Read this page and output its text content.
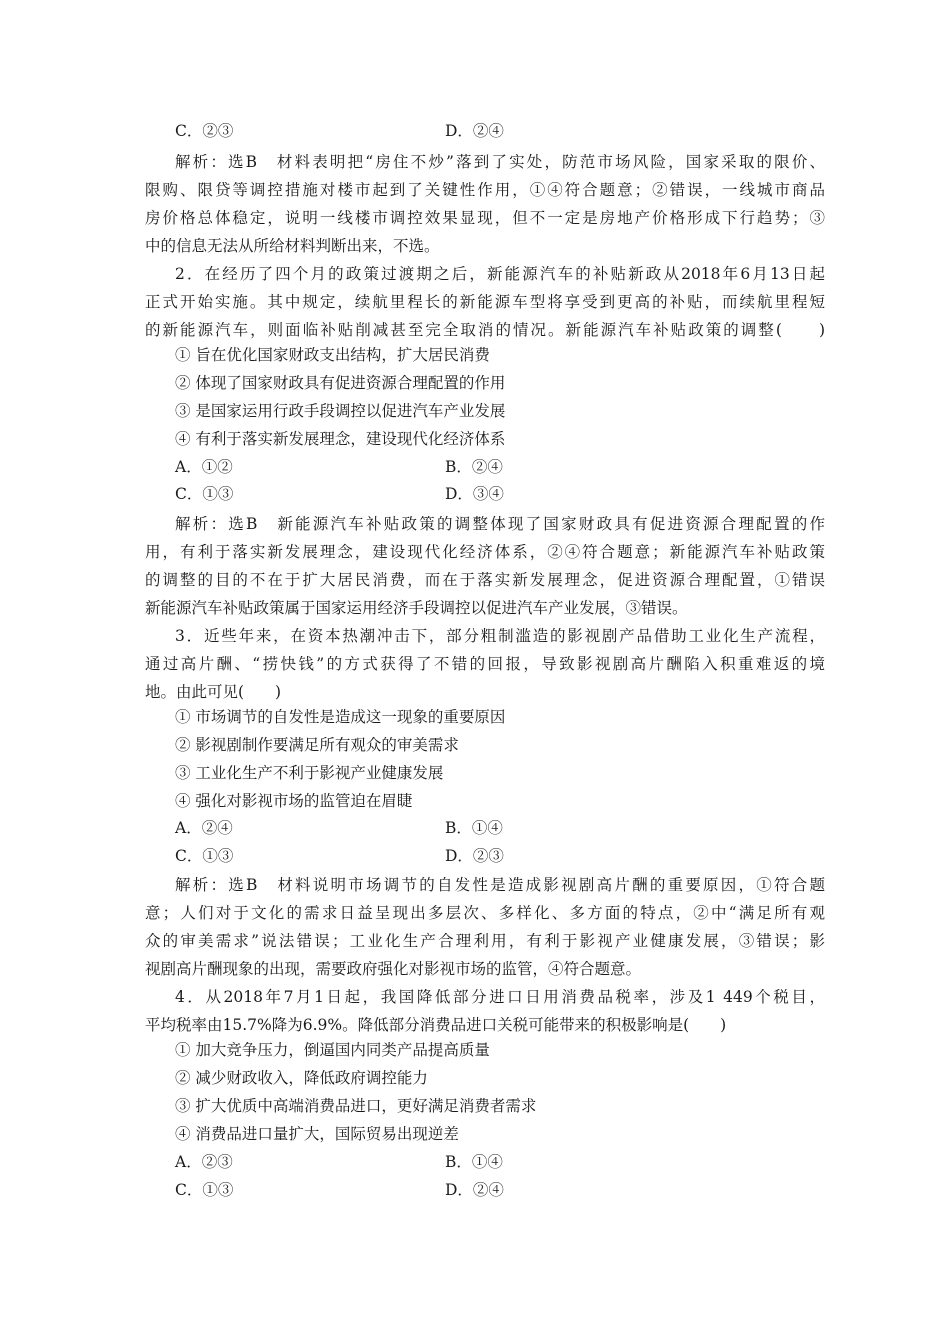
C．②③	D．②④
解析：选B　材料表明把“房住不炒”落到了实处，防范市场风险，国家采取的限价、
限购、限贷等调控措施对楼市起到了关键性作用，①④符合题意；②错误，一线城市商品
房价格总体稳定，说明一线楼市调控效果显现，但不一定是房地产价格形成下行趋势；③
中的信息无法从所给材料判断出来，不选。
2．在经历了四个月的政策过渡期之后，新能源汽车的补贴新政从2018年6月13日起
正式开始实施。其中规定，续航里程长的新能源车型将享受到更高的补贴，而续航里程短
的新能源汽车，则面临补贴削减甚至完全取消的情况。新能源汽车补贴政策的调整(　　)
① 旨在优化国家财政支出结构，扩大居民消费
② 体现了国家财政具有促进资源合理配置的作用
③ 是国家运用行政手段调控以促进汽车产业发展
④ 有利于落实新发展理念，建设现代化经济体系
A．①②	B．②④
C．①③	D．③④
解析：选B　新能源汽车补贴政策的调整体现了国家财政具有促进资源合理配置的作
用，有利于落实新发展理念，建设现代化经济体系，②④符合题意；新能源汽车补贴政策
的调整的目的不在于扩大居民消费，而在于落实新发展理念，促进资源合理配置，①错误
新能源汽车补贴政策属于国家运用经济手段调控以促进汽车产业发展，③错误。
3．近些年来，在资本热潮冲击下，部分粗制滥造的影视剧产品借助工业化生产流程，
通过高片酬、“捞快钱”的方式获得了不错的回报，导致影视剧高片酬陷入积重难返的境
地。由此可见(　　)
① 市场调节的自发性是造成这一现象的重要原因
② 影视剧制作要满足所有观众的审美需求
③ 工业化生产不利于影视产业健康发展
④ 强化对影视市场的监管迫在眉睫
A．②④	B．①④
C．①③	D．②③
解析：选B　材料说明市场调节的自发性是造成影视剧高片酬的重要原因，①符合题
意；人们对于文化的需求日益呈现出多层次、多样化、多方面的特点，②中“满足所有观
众的审美需求”说法错误；工业化生产合理利用，有利于影视产业健康发展，③错误；影
视剧高片酬现象的出现，需要政府强化对影视市场的监管，④符合题意。
4．从2018年7月1日起，我国降低部分进口日用消费品税率，涉及1 449个税目，
平均税率由15.7%降为6.9%。降低部分消费品进口关税可能带来的积极影响是(　　)
① 加大竞争压力，倒逼国内同类产品提高质量
② 减少财政收入，降低政府调控能力
③ 扩大优质中高端消费品进口，更好满足消费者需求
④ 消费品进口量扩大，国际贸易出现逆差
A．②③	B．①④
C．①③	D．②④
